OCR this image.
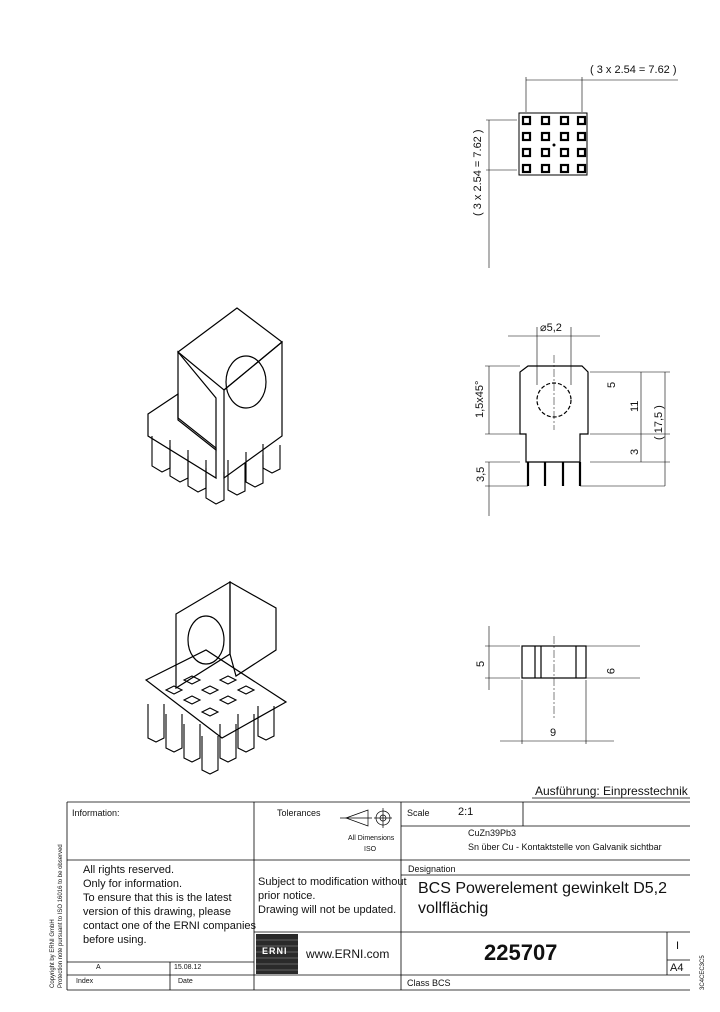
( 3 x 2.54 = 7.62 )
( 3 x 2.54 = 7.62 )
⌀5,2
1,5x45°	5
11 ( 17,5 )
3
3,5
5
9
9
Ausführung: Einpresstechnik
Information:	Tolerances
All Dimensions
ISO
Scale	2:1
CuZn39Pb3
Sn über Cu - Kontaktstelle von Galvanik sichtbar
All rights reserved.
Only for information.
To ensure that this is the latest
version of this drawing, please
contact one of the ERNI companies
before using.
Subject to modification without
prior notice.
Drawing will not be updated.
Designation
BCS Powerelement gewinkelt D5,2
vollflächig
ERNI www.ERNI.com	225707	I
A4
A	15.08.12
Index	Date	Class BCS
Copyright by ERNI GmbH Protection note pursuant to ISO 16016 to be observed	3C4CEC3C5
